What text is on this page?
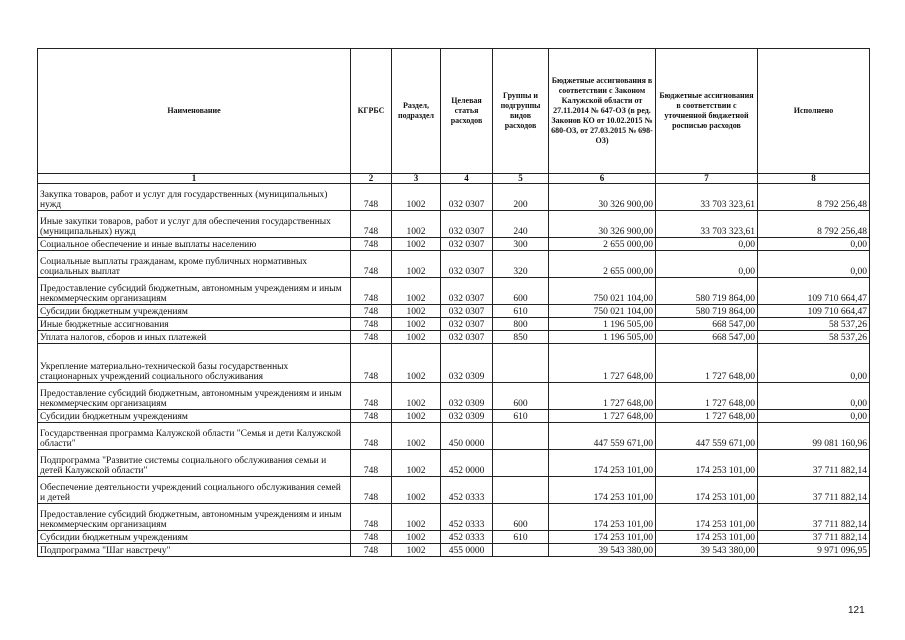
Наименование	КГРБС	Раздел, подраздел	Целевая статья расходов	Группы и подгруппы видов расходов	Бюджетные ассигнования в соответствии с Законом Калужской области от 27.11.2014 № 647-ОЗ (в ред. Законов КО от 10.02.2015 № 680-ОЗ, от 27.03.2015 № 698-ОЗ)	Бюджетные ассигнования в соответствии с уточненной бюджетной росписью расходов	Исполнено
1	2	3	4	5	6	7	8
Закупка товаров, работ и услуг для государственных (муниципальных) нужд	748	1002	032 0307	200	30 326 900,00	33 703 323,61	8 792 256,48
Иные закупки товаров, работ и услуг для обеспечения государственных (муниципальных) нужд	748	1002	032 0307	240	30 326 900,00	33 703 323,61	8 792 256,48
Социальное обеспечение и иные выплаты населению	748	1002	032 0307	300	2 655 000,00	0,00	0,00
Социальные выплаты гражданам, кроме публичных нормативных социальных выплат	748	1002	032 0307	320	2 655 000,00	0,00	0,00
Предоставление субсидий бюджетным, автономным учреждениям и иным некоммерческим организациям	748	1002	032 0307	600	750 021 104,00	580 719 864,00	109 710 664,47
Субсидии бюджетным учреждениям	748	1002	032 0307	610	750 021 104,00	580 719 864,00	109 710 664,47
Иные бюджетные ассигнования	748	1002	032 0307	800	1 196 505,00	668 547,00	58 537,26
Уплата налогов, сборов и иных платежей	748	1002	032 0307	850	1 196 505,00	668 547,00	58 537,26
Укрепление материально-технической базы государственных стационарных учреждений социального обслуживания	748	1002	032 0309		1 727 648,00	1 727 648,00	0,00
Предоставление субсидий бюджетным, автономным учреждениям и иным некоммерческим организациям	748	1002	032 0309	600	1 727 648,00	1 727 648,00	0,00
Субсидии бюджетным учреждениям	748	1002	032 0309	610	1 727 648,00	1 727 648,00	0,00
Государственная программа Калужской области "Семья и дети Калужской области"	748	1002	450 0000		447 559 671,00	447 559 671,00	99 081 160,96
Подпрограмма "Развитие системы социального обслуживания семьи и детей Калужской области"	748	1002	452 0000		174 253 101,00	174 253 101,00	37 711 882,14
Обеспечение деятельности учреждений социального обслуживания семей и детей	748	1002	452 0333		174 253 101,00	174 253 101,00	37 711 882,14
Предоставление субсидий бюджетным, автономным учреждениям и иным некоммерческим организациям	748	1002	452 0333	600	174 253 101,00	174 253 101,00	37 711 882,14
Субсидии бюджетным учреждениям	748	1002	452 0333	610	174 253 101,00	174 253 101,00	37 711 882,14
Подпрограмма "Шаг навстречу"	748	1002	455 0000		39 543 380,00	39 543 380,00	9 971 096,95
121
